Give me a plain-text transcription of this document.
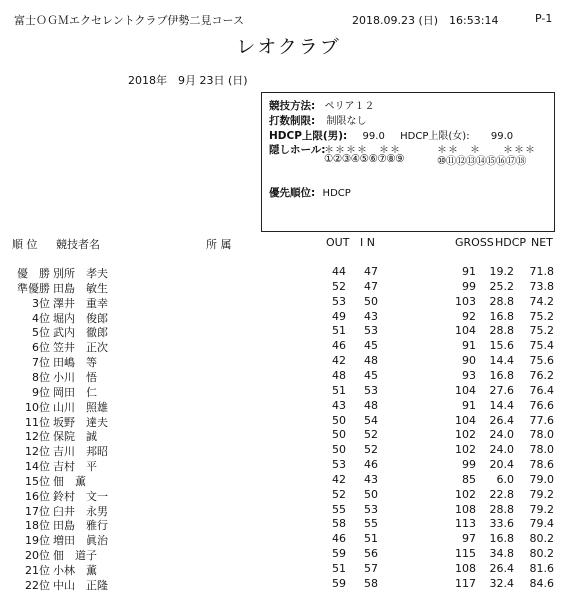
富士ＯＧＭエクセレントクラブ伊勢二見コース	2018.09.23 (日)　16:53:14	P-1
レオクラブ
2018年　9月 23日 (日)
競技方法: ペリア１２
打数制限: 制限なし
HDCP上限(男): 99.0 HDCP上限(女): 99.0
隠しホール:
＊＊＊＊　＊＊
①②③④⑤⑥⑦⑧⑨
＊＊　＊　　＊＊＊
⑩⑪⑫⑬⑭⑮⑯⑰⑱
優先順位: HDCP
順 位 競技者名	所 属	OUT I N	GROSS HDCP NET
優　勝 別所　孝夫	44	47	91 19.2 71.8
準優勝 田島　敏生	52	47	99 25.2 73.8
3位 澤井　重幸	53	50	103 28.8 74.2
4位 堀内　俊郎	49	43	92 16.8 75.2
5位 武内　徹郎	51	53	104 28.8 75.2
6位 笠井　正次	46	45	91 15.6 75.4
7位 田嶋　等	42	48	90 14.4 75.6
8位 小川　悟	48	45	93 16.8 76.2
9位 岡田　仁	51	53	104 27.6 76.4
10位 山川　照雄	43	48	91 14.4 76.6
11位 坂野　達夫	50	54	104 26.4 77.6
12位 保院　誠	50	52	102 24.0 78.0
12位 吉川　邦昭	50	52	102 24.0 78.0
14位 吉村　平	53	46	99 20.4 78.6
15位 佃　薫	42	43	85	6.0 79.0
16位 鈴村　文一	52	50	102 22.8 79.2
17位 臼井　永男	55	53	108 28.8 79.2
18位 田島　雅行	58	55	113 33.6 79.4
19位 増田　眞治	46	51	97 16.8 80.2
20位 佃　道子	59	56	115 34.8 80.2
21位 小林　薫	51	57	108 26.4 81.6
22位 中山　正隆	59	58	117 32.4 84.6
